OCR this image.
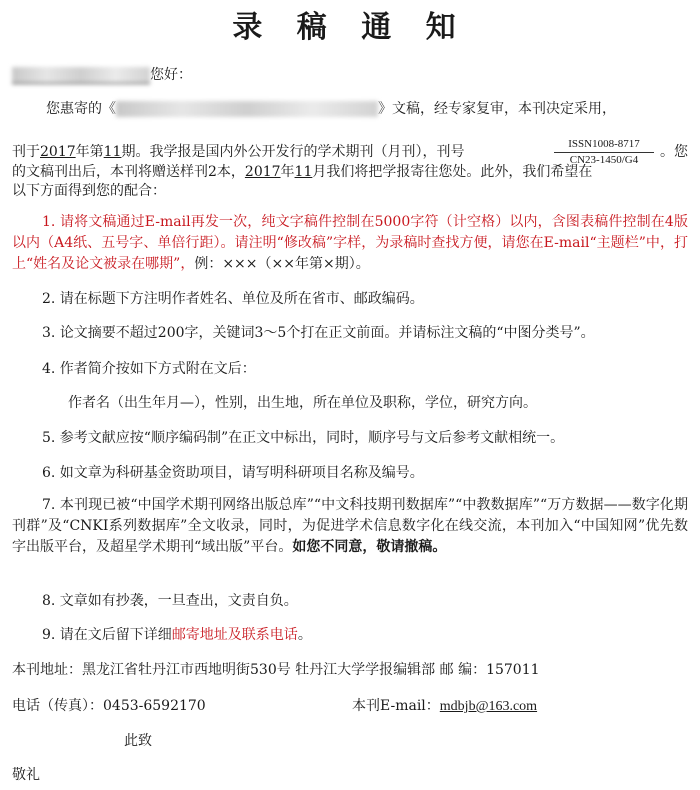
录 稿 通 知
您好：
您惠寄的《	》文稿，经专家复审，本刊决定采用，
刊于2017年第11期。我学报是国内外公开发行的学术期刊（月刊），刊号	ISSN1008-8717
CN23-1450/G4	。您
的文稿刊出后，本刊将赠送样刊2本，2017年11月我们将把学报寄往您处。此外，我们希望在
以下方面得到您的配合：
1. 请将文稿通过E-mail再发一次，纯文字稿件控制在5000字符（计空格）以内，含图表稿件控制在4版以内（A4纸、五号字、单倍行距）。请注明“修改稿”字样，为录稿时查找方便，请您在E-mail“主题栏”中，打上“姓名及论文被录在哪期”，例：×××（××年第×期）。
2. 请在标题下方注明作者姓名、单位及所在省市、邮政编码。
3. 论文摘要不超过200字，关键词3～5个打在正文前面。并请标注文稿的“中图分类号”。
4. 作者简介按如下方式附在文后：
作者名（出生年月—），性别，出生地，所在单位及职称，学位，研究方向。
5. 参考文献应按“顺序编码制”在正文中标出，同时，顺序号与文后参考文献相统一。
6. 如文章为科研基金资助项目，请写明科研项目名称及编号。
7. 本刊现已被“中国学术期刊网络出版总库”“中文科技期刊数据库”“中教数据库”“万方数据——数字化期刊群”及“CNKI系列数据库”全文收录，同时，为促进学术信息数字化在线交流，本刊加入“中国知网”优先数字出版平台，及超星学术期刊“域出版”平台。如您不同意，敬请撤稿。
8. 文章如有抄袭，一旦查出，文责自负。
9. 请在文后留下详细邮寄地址及联系电话。
本刊地址：黑龙江省牡丹江市西地明街530号 牡丹江大学学报编辑部 邮 编：157011
电话（传真）：0453-6592170	本刊E-mail：mdbjb@163.com
此致
敬礼
